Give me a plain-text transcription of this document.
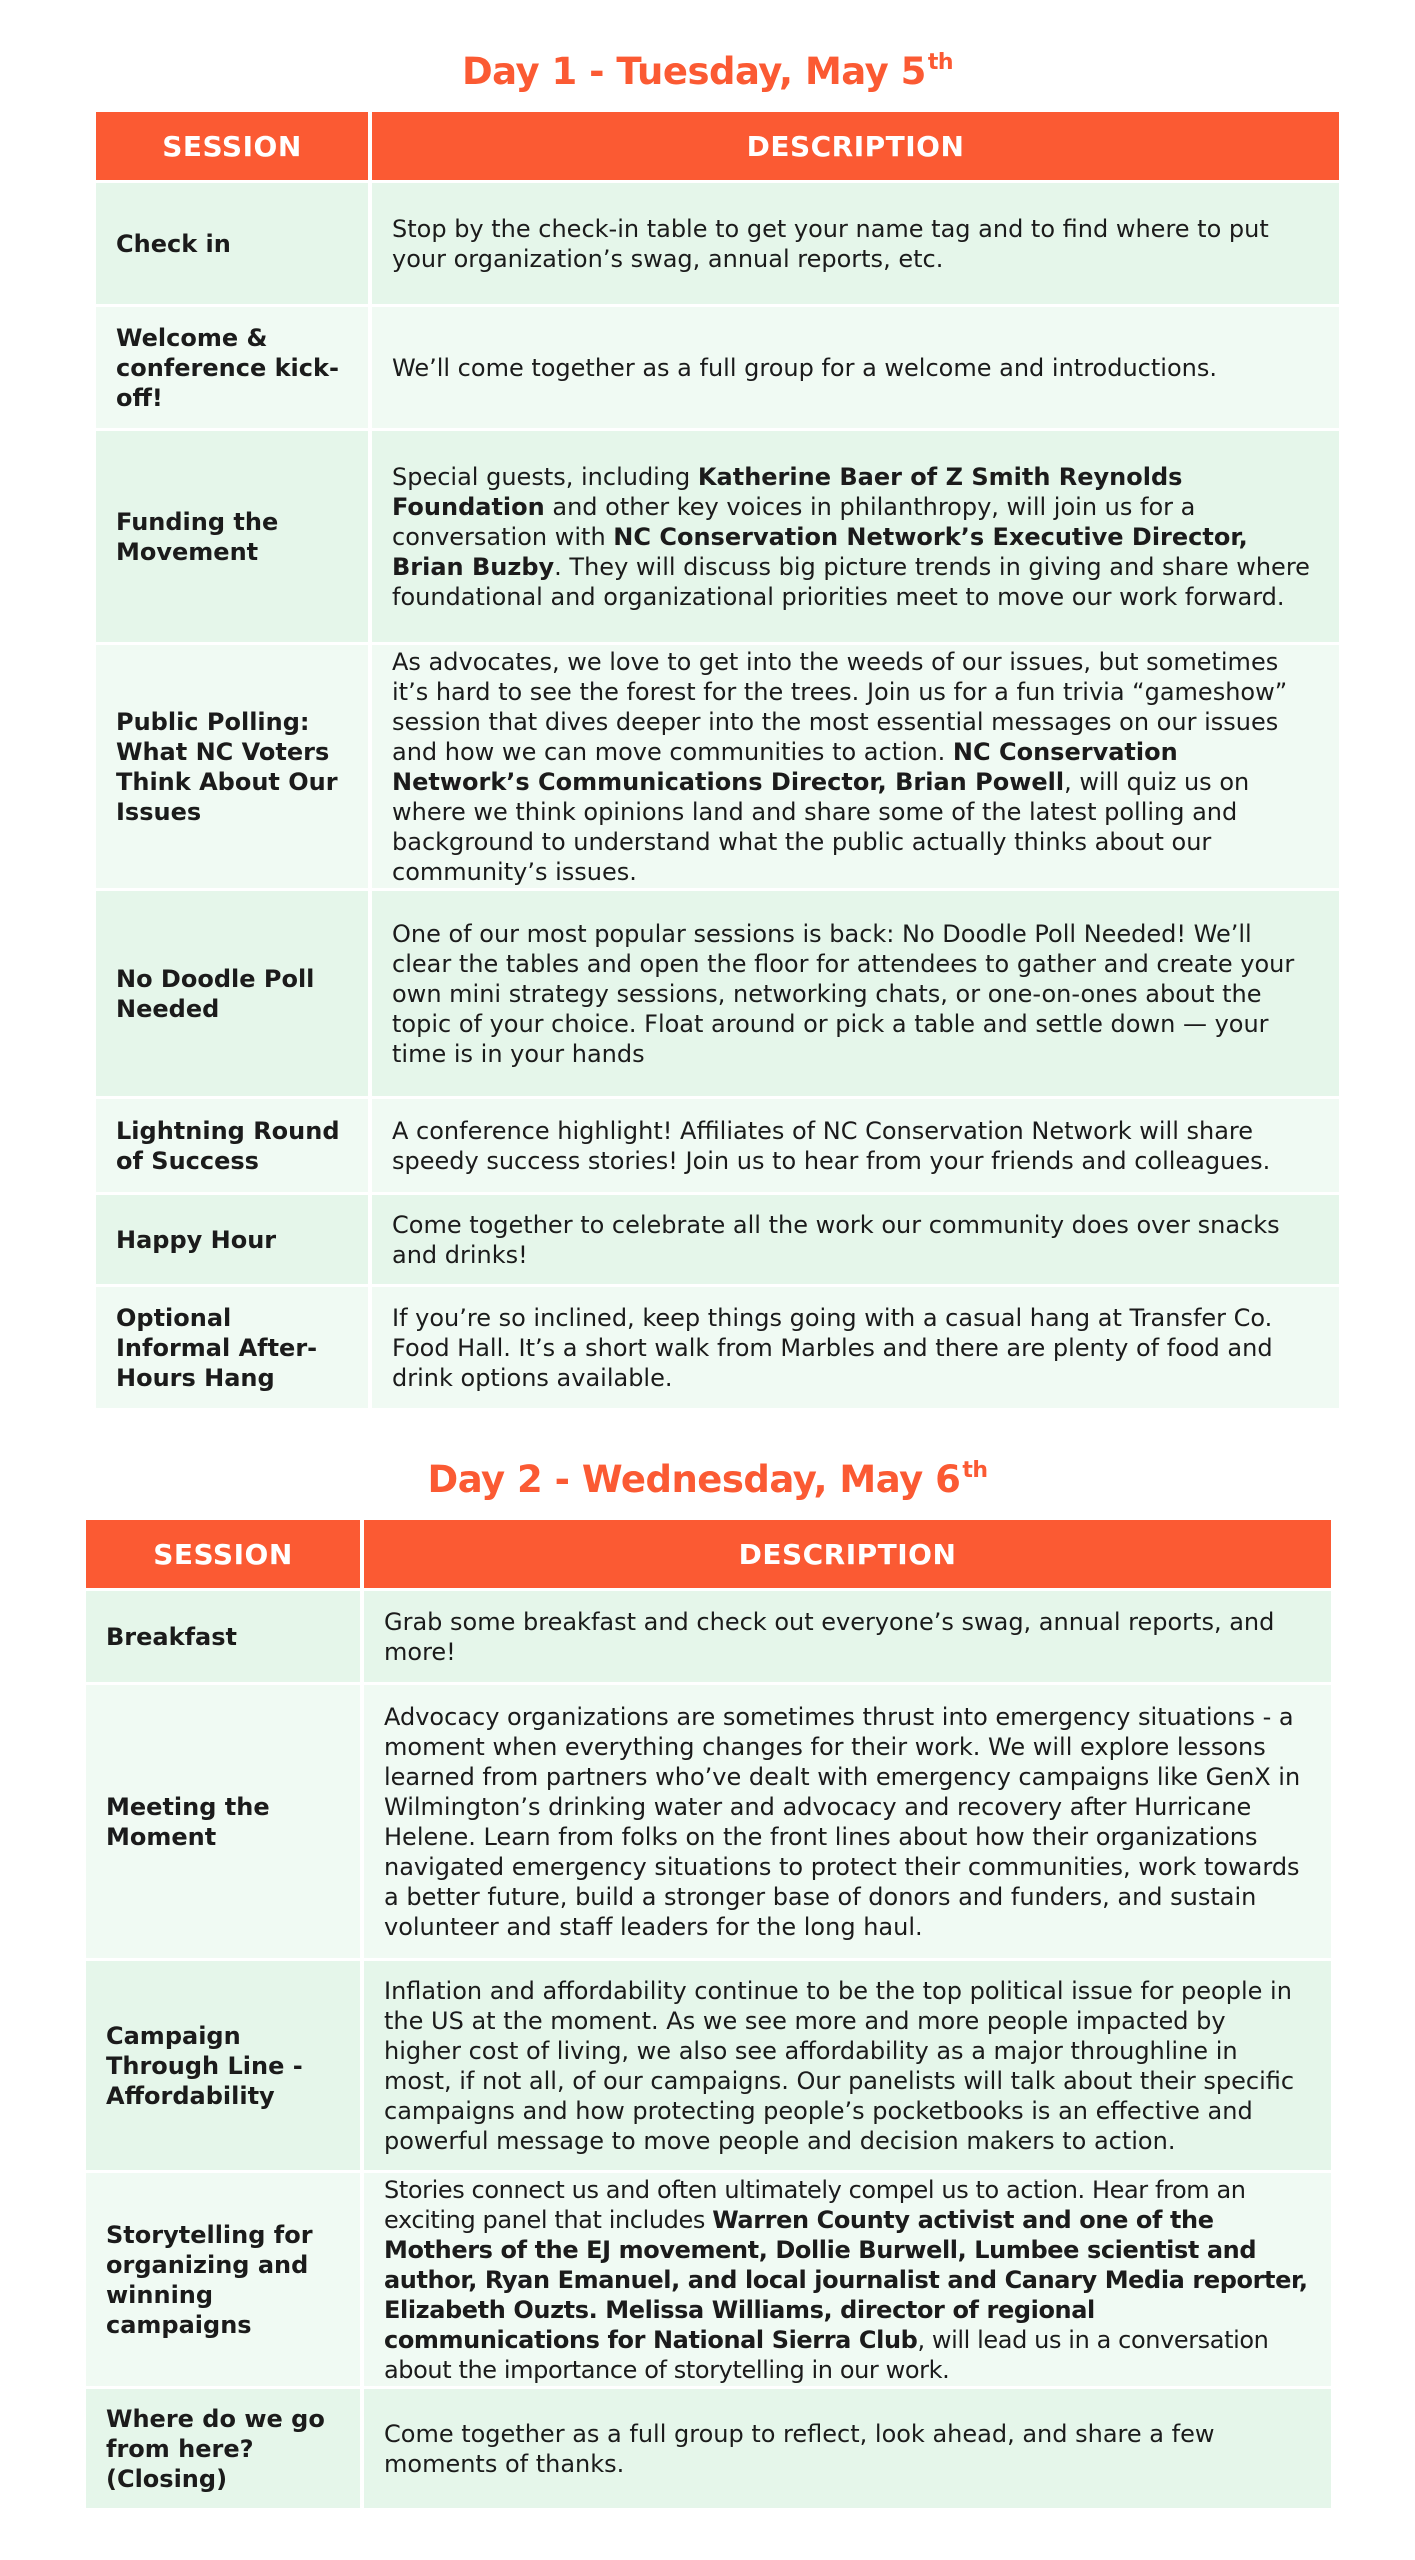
Day 1 - Tuesday, May 5th
SESSION	DESCRIPTION
Check in	Stop by the check-in table to get your name tag and to find where to put your organization’s swag, annual reports, etc.

Welcome & conference kick-off!	We’ll come together as a full group for a welcome and introductions.

Funding the Movement	Special guests, including Katherine Baer of Z Smith Reynolds Foundation and other key voices in philanthropy, will join us for a conversation with NC Conservation Network’s Executive Director, Brian Buzby. They will discuss big picture trends in giving and share where foundational and organizational priorities meet to move our work forward.

Public Polling: What NC Voters Think About Our Issues	As advocates, we love to get into the weeds of our issues, but sometimes it’s hard to see the forest for the trees. Join us for a fun trivia “gameshow” session that dives deeper into the most essential messages on our issues and how we can move communities to action. NC Conservation Network’s Communications Director, Brian Powell, will quiz us on where we think opinions land and share some of the latest polling and background to understand what the public actually thinks about our community’s issues.

No Doodle Poll Needed	One of our most popular sessions is back: No Doodle Poll Needed! We’ll clear the tables and open the floor for attendees to gather and create your own mini strategy sessions, networking chats, or one-on-ones about the topic of your choice. Float around or pick a table and settle down — your time is in your hands

Lightning Round of Success	A conference highlight! Affiliates of NC Conservation Network will share speedy success stories! Join us to hear from your friends and colleagues.

Happy Hour	Come together to celebrate all the work our community does over snacks and drinks!

Optional Informal After-Hours Hang	If you’re so inclined, keep things going with a casual hang at Transfer Co. Food Hall. It’s a short walk from Marbles and there are plenty of food and drink options available.
Day 2 - Wednesday, May 6th
SESSION	DESCRIPTION
Breakfast	Grab some breakfast and check out everyone’s swag, annual reports, and more!

Meeting the Moment	Advocacy organizations are sometimes thrust into emergency situations - a moment when everything changes for their work. We will explore lessons learned from partners who’ve dealt with emergency campaigns like GenX in Wilmington’s drinking water and advocacy and recovery after Hurricane Helene. Learn from folks on the front lines about how their organizations navigated emergency situations to protect their communities, work towards a better future, build a stronger base of donors and funders, and sustain volunteer and staff leaders for the long haul.

Campaign Through Line - Affordability	Inflation and affordability continue to be the top political issue for people in the US at the moment. As we see more and more people impacted by higher cost of living, we also see affordability as a major throughline in most, if not all, of our campaigns. Our panelists will talk about their specific campaigns and how protecting people’s pocketbooks is an effective and powerful message to move people and decision makers to action.

Storytelling for organizing and winning campaigns	Stories connect us and often ultimately compel us to action. Hear from an exciting panel that includes Warren County activist and one of the Mothers of the EJ movement, Dollie Burwell, Lumbee scientist and author, Ryan Emanuel, and local journalist and Canary Media reporter, Elizabeth Ouzts. Melissa Williams, director of regional communications for National Sierra Club, will lead us in a conversation about the importance of storytelling in our work.

Where do we go from here? (Closing)	Come together as a full group to reflect, look ahead, and share a few moments of thanks.
